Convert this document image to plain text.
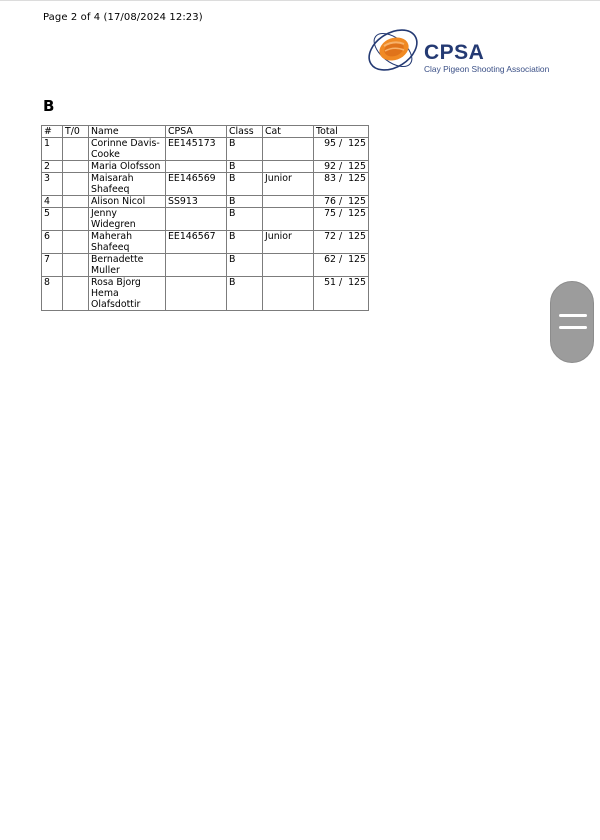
Page 2 of 4 (17/08/2024 12:23)
CPSA
Clay Pigeon Shooting Association
B
#	T/0	Name	CPSA	Class	Cat	Total
1		Corinne Davis-Cooke	EE145173	B		95 /  125
2		Maria Olofsson		B		92 /  125
3		Maisarah Shafeeq	EE146569	B	Junior	83 /  125
4		Alison Nicol	SS913	B		76 /  125
5		Jenny Widegren		B		75 /  125
6		Maherah Shafeeq	EE146567	B	Junior	72 /  125
7		Bernadette Muller		B		62 /  125
8		Rosa Bjorg Hema Olafsdottir		B		51 /  125
